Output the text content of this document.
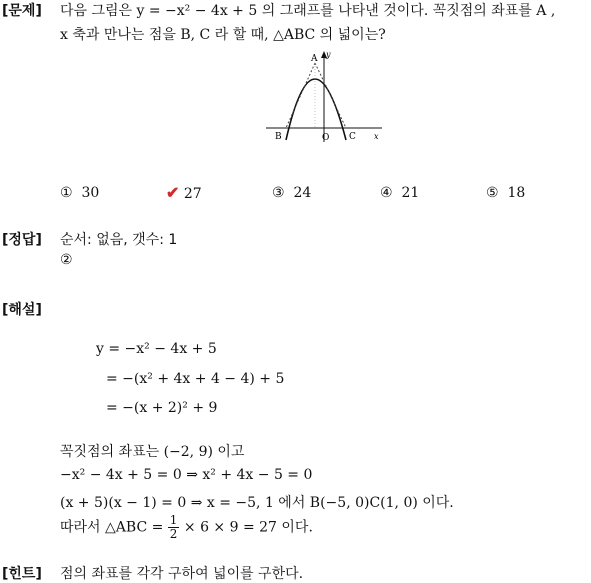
[문제] 다음 그림은 y = −x² − 4x + 5 의 그래프를 나타낸 것이다. 꼭짓점의 좌표를 A ,
x 축과 만나는 점을 B, C 라 할 때, △ABC 의 넓이는?
A y
B	O C x
① 30	✔ 27	③ 24	④ 21	⑤ 18
[정답] 순서: 없음, 갯수: 1
②
[해설]
y = −x² − 4x + 5
= −(x² + 4x + 4 − 4) + 5
= −(x + 2)² + 9
꼭짓점의 좌표는 (−2, 9) 이고
−x² − 4x + 5 = 0 ⇒ x² + 4x − 5 = 0
(x + 5)(x − 1) = 0 ⇒ x = −5, 1 에서 B(−5, 0)C(1, 0) 이다.
따라서 △ABC = $\frac{1}{2} \times 6 \times 9 = 27$ 이다.
[힌트] 점의 좌표를 각각 구하여 넓이를 구한다.
